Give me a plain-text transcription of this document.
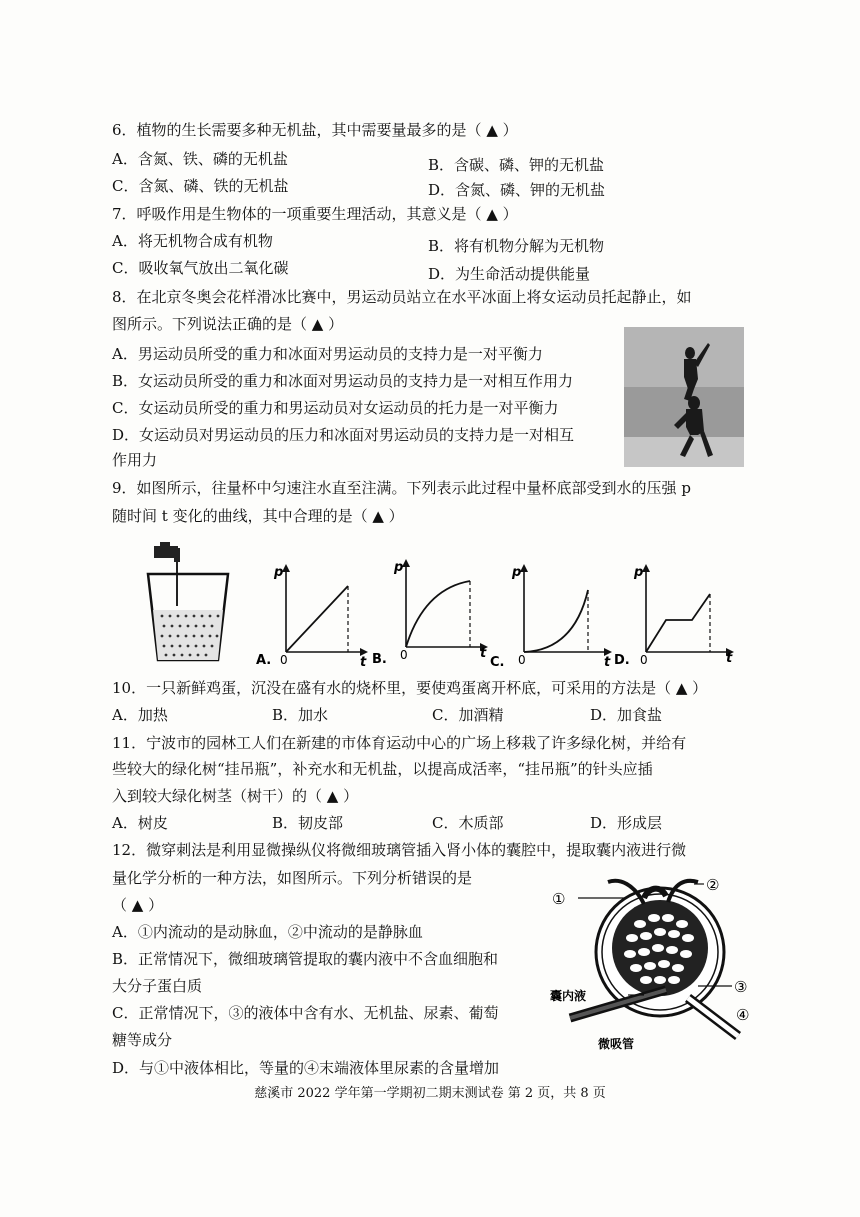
6．植物的生长需要多种无机盐，其中需要量最多的是（ ▲ ）
A．含氮、铁、磷的无机盐	B．含碳、磷、钾的无机盐
C．含氮、磷、铁的无机盐	D．含氮、磷、钾的无机盐
7．呼吸作用是生物体的一项重要生理活动，其意义是（ ▲ ）
A．将无机物合成有机物	B．将有机物分解为无机物
C．吸收氧气放出二氧化碳	D．为生命活动提供能量
8．在北京冬奥会花样滑冰比赛中，男运动员站立在水平冰面上将女运动员托起静止，如
图所示。下列说法正确的是（ ▲ ）
A．男运动员所受的重力和冰面对男运动员的支持力是一对平衡力
B．女运动员所受的重力和冰面对男运动员的支持力是一对相互作用力
C．女运动员所受的重力和男运动员对女运动员的托力是一对平衡力
D．女运动员对男运动员的压力和冰面对男运动员的支持力是一对相互
作用力
9．如图所示，往量杯中匀速注水直至注满。下列表示此过程中量杯底部受到水的压强 p
随时间 t 变化的曲线，其中合理的是（ ▲ ）
p
0	t
A.
p
0	t
B.
p
0	t
C.
p
0	t
D.
10．一只新鲜鸡蛋，沉没在盛有水的烧杯里，要使鸡蛋离开杯底，可采用的方法是（ ▲ ）
A．加热	B．加水	C．加酒精	D．加食盐
11．宁波市的园林工人们在新建的市体育运动中心的广场上移栽了许多绿化树，并给有
些较大的绿化树“挂吊瓶”，补充水和无机盐，以提高成活率，“挂吊瓶”的针头应插
入到较大绿化树茎（树干）的（ ▲ ）
A．树皮	B．韧皮部	C．木质部	D．形成层
12．微穿刺法是利用显微操纵仪将微细玻璃管插入肾小体的囊腔中，提取囊内液进行微
量化学分析的一种方法，如图所示。下列分析错误的是
（ ▲ ）
A．①内流动的是动脉血，②中流动的是静脉血
B．正常情况下，微细玻璃管提取的囊内液中不含血细胞和
大分子蛋白质
C．正常情况下，③的液体中含有水、无机盐、尿素、葡萄
糖等成分
D．与①中液体相比，等量的④末端液体里尿素的含量增加
①
②
③
④
囊内液
微吸管
慈溪市 2022 学年第一学期初二期末测试卷 第 2 页，共 8 页
